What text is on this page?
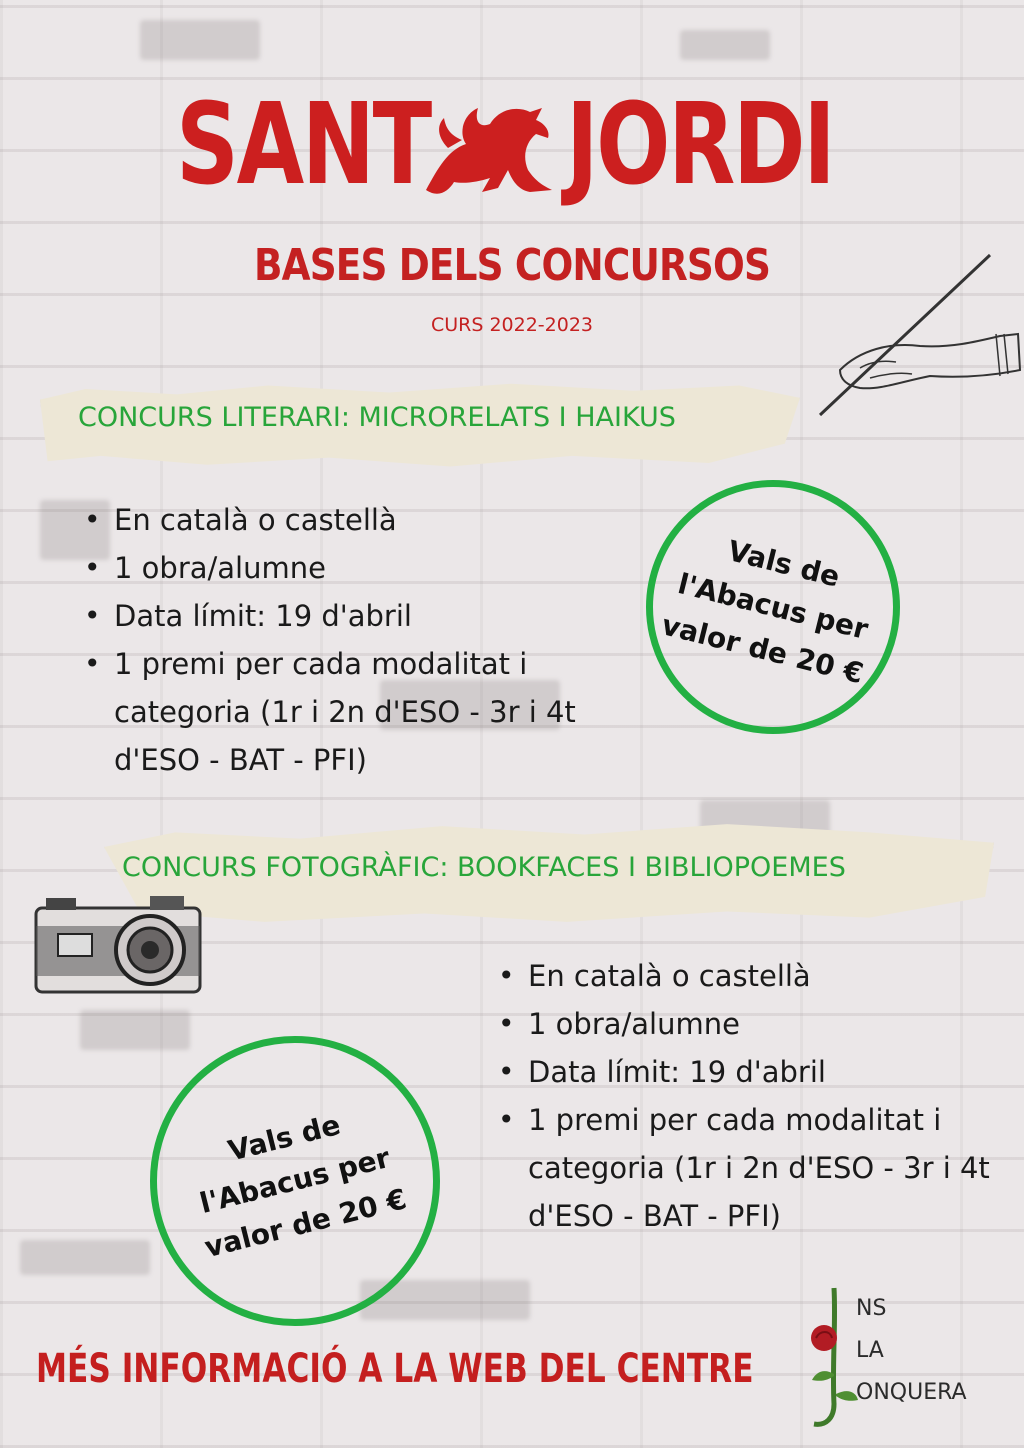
SANT JORDI
BASES DELS CONCURSOS
CURS 2022-2023
CONCURS LITERARI: MICRORELATS I HAIKUS
• En català o castellà
• 1 obra/alumne
• Data límit: 19 d'abril
• 1 premi per cada modalitat i categoria (1r i 2n d'ESO - 3r i 4t d'ESO - BAT - PFI)
Vals de l'Abacus per valor de 20 €
CONCURS FOTOGRÀFIC: BOOKFACES I BIBLIOPOEMES
• En català o castellà
• 1 obra/alumne
• Data límit: 19 d'abril
• 1 premi per cada modalitat i categoria (1r i 2n d'ESO - 3r i 4t d'ESO - BAT - PFI)
Vals de l'Abacus per valor de 20 €
MÉS INFORMACIÓ A LA WEB DEL CENTRE
NS
LA
ONQUERA
